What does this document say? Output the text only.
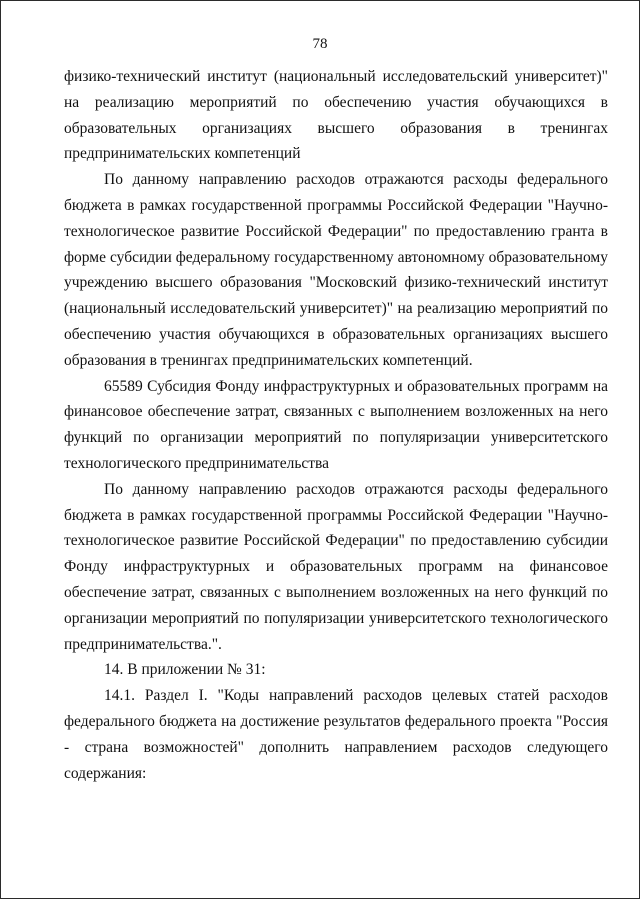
78

физико-технический институт (национальный исследовательский университет)" на реализацию мероприятий по обеспечению участия обучающихся в образовательных организациях высшего образования в тренингах предпринимательских компетенций

По данному направлению расходов отражаются расходы федерального бюджета в рамках государственной программы Российской Федерации "Научно-технологическое развитие Российской Федерации" по предоставлению гранта в форме субсидии федеральному государственному автономному образовательному учреждению высшего образования "Московский физико-технический институт (национальный исследовательский университет)" на реализацию мероприятий по обеспечению участия обучающихся в образовательных организациях высшего образования в тренингах предпринимательских компетенций.

65589 Субсидия Фонду инфраструктурных и образовательных программ на финансовое обеспечение затрат, связанных с выполнением возложенных на него функций по организации мероприятий по популяризации университетского технологического предпринимательства

По данному направлению расходов отражаются расходы федерального бюджета в рамках государственной программы Российской Федерации "Научно-технологическое развитие Российской Федерации" по предоставлению субсидии Фонду инфраструктурных и образовательных программ на финансовое обеспечение затрат, связанных с выполнением возложенных на него функций по организации мероприятий по популяризации университетского технологического предпринимательства.".

14. В приложении № 31:

14.1. Раздел I. "Коды направлений расходов целевых статей расходов федерального бюджета на достижение результатов федерального проекта "Россия - страна возможностей" дополнить направлением расходов следующего содержания:
